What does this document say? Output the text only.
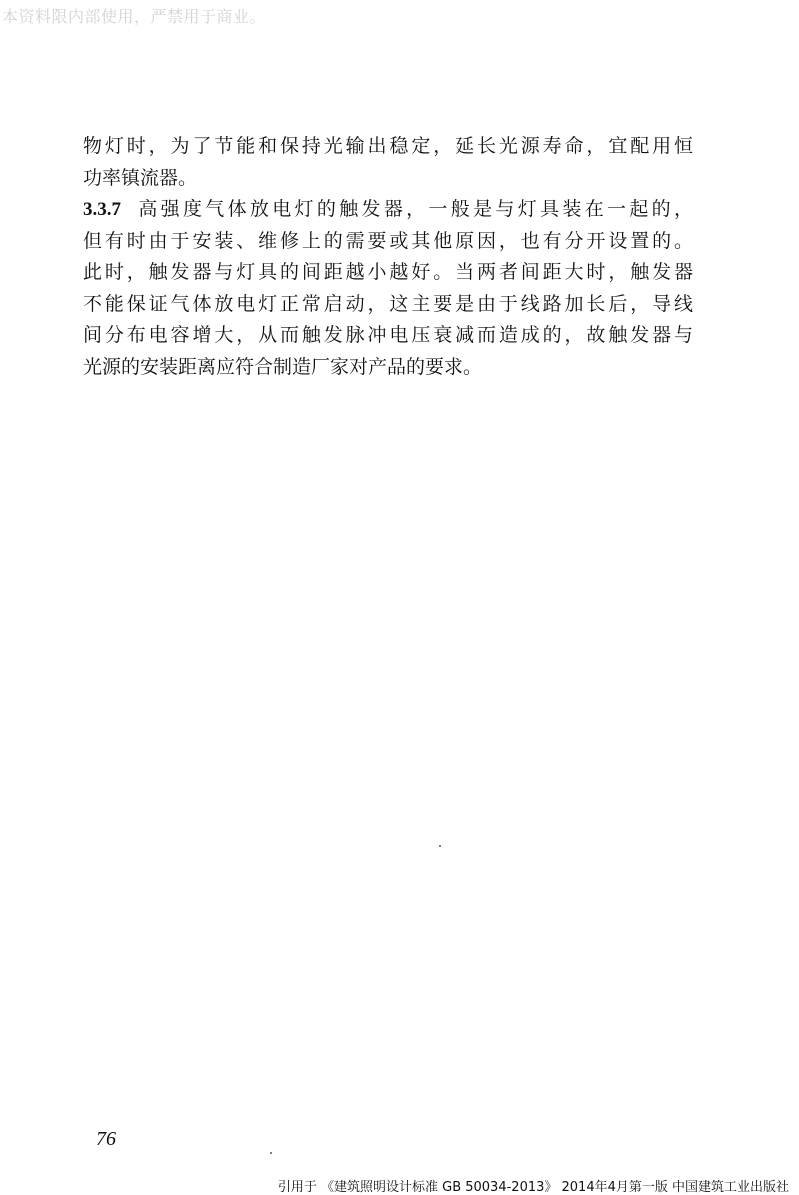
本资料限内部使用，严禁用于商业。
物灯时，为了节能和保持光输出稳定，延长光源寿命，宜配用恒
功率镇流器。
3.3.7 高强度气体放电灯的触发器，一般是与灯具装在一起的，
但有时由于安装、维修上的需要或其他原因，也有分开设置的。
此时，触发器与灯具的间距越小越好。当两者间距大时，触发器
不能保证气体放电灯正常启动，这主要是由于线路加长后，导线
间分布电容增大，从而触发脉冲电压衰减而造成的，故触发器与
光源的安装距离应符合制造厂家对产品的要求。
76
引用于 《建筑照明设计标准 GB 50034-2013》 2014年4月第一版 中国建筑工业出版社
